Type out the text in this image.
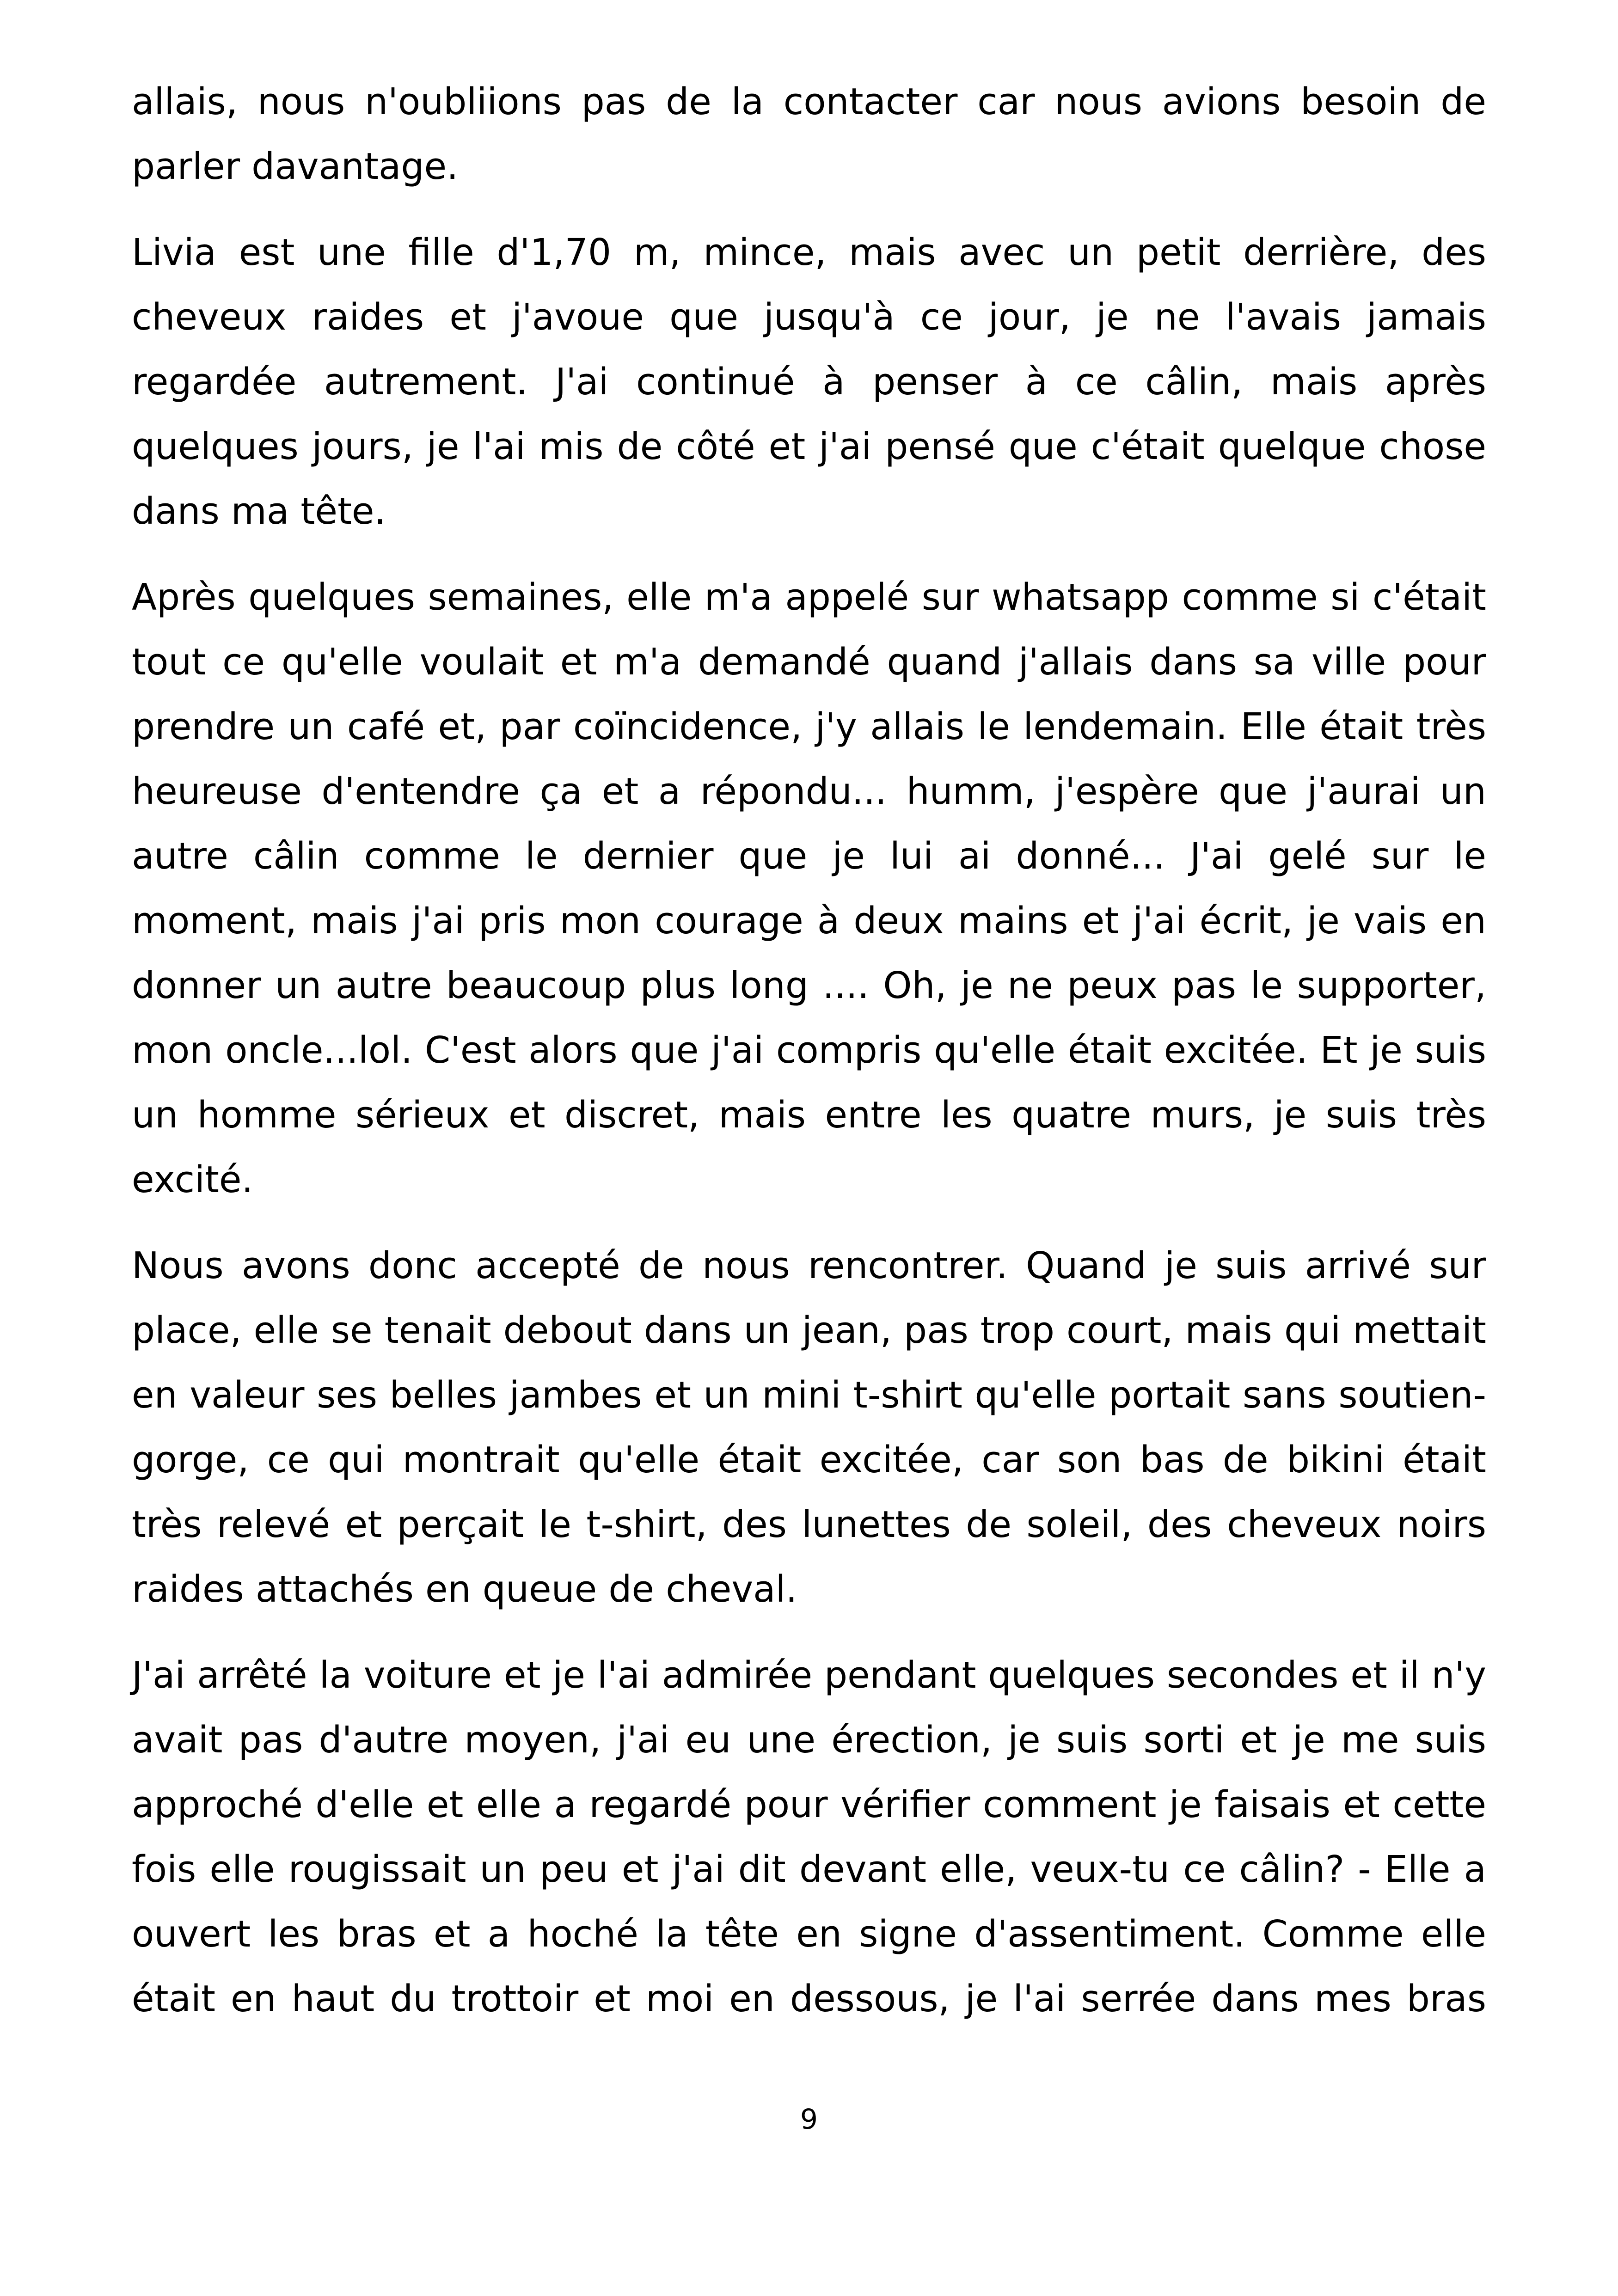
allais, nous n'oubliions pas de la contacter car nous avions besoin de parler davantage.

Livia est une fille d'1,70 m, mince, mais avec un petit derrière, des cheveux raides et j'avoue que jusqu'à ce jour, je ne l'avais jamais regardée autrement. J'ai continué à penser à ce câlin, mais après quelques jours, je l'ai mis de côté et j'ai pensé que c'était quelque chose dans ma tête.

Après quelques semaines, elle m'a appelé sur whatsapp comme si c'était tout ce qu'elle voulait et m'a demandé quand j'allais dans sa ville pour prendre un café et, par coïncidence, j'y allais le lendemain. Elle était très heureuse d'entendre ça et a répondu... humm, j'espère que j'aurai un autre câlin comme le dernier que je lui ai donné... J'ai gelé sur le moment, mais j'ai pris mon courage à deux mains et j'ai écrit, je vais en donner un autre beaucoup plus long .... Oh, je ne peux pas le supporter, mon oncle...lol. C'est alors que j'ai compris qu'elle était excitée. Et je suis un homme sérieux et discret, mais entre les quatre murs, je suis très excité.

Nous avons donc accepté de nous rencontrer. Quand je suis arrivé sur place, elle se tenait debout dans un jean, pas trop court, mais qui mettait en valeur ses belles jambes et un mini t-shirt qu'elle portait sans soutien-gorge, ce qui montrait qu'elle était excitée, car son bas de bikini était très relevé et perçait le t-shirt, des lunettes de soleil, des cheveux noirs raides attachés en queue de cheval.

J'ai arrêté la voiture et je l'ai admirée pendant quelques secondes et il n'y avait pas d'autre moyen, j'ai eu une érection, je suis sorti et je me suis approché d'elle et elle a regardé pour vérifier comment je faisais et cette fois elle rougissait un peu et j'ai dit devant elle, veux-tu ce câlin? - Elle a ouvert les bras et a hoché la tête en signe d'assentiment. Comme elle était en haut du trottoir et moi en dessous, je l'ai serrée dans mes bras

9
